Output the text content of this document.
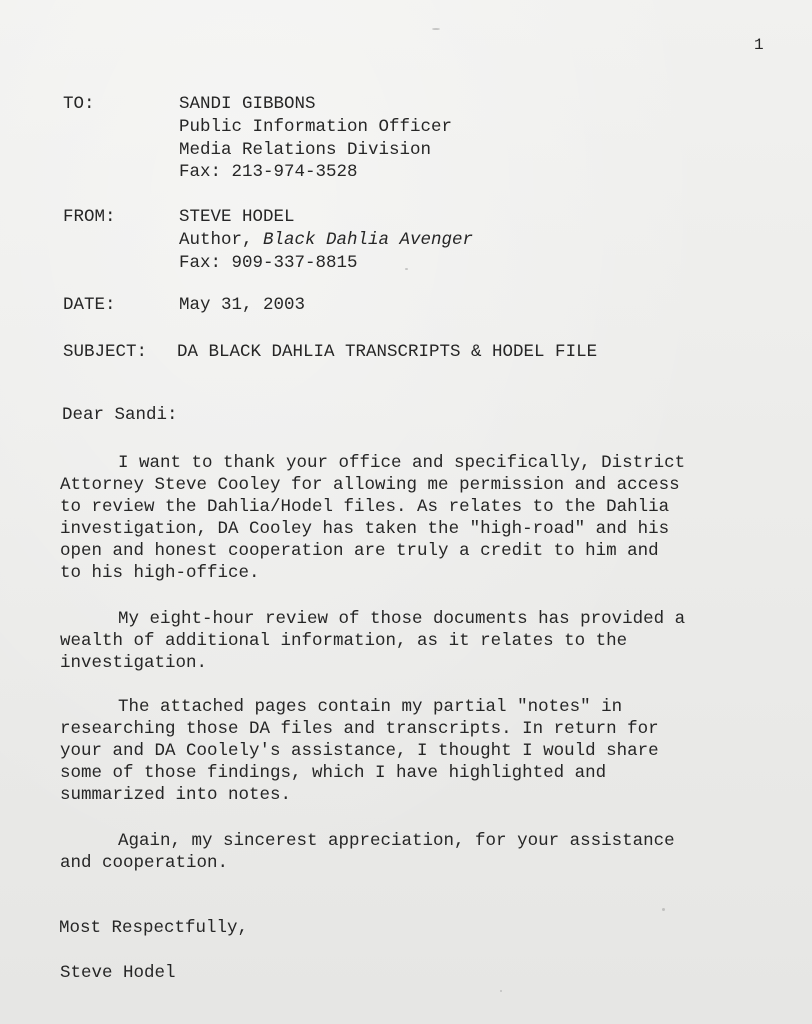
1
TO:	SANDI GIBBONS
Public Information Officer
Media Relations Division
Fax: 213-974-3528
FROM:	STEVE HODEL
Author, Black Dahlia Avenger
Fax: 909-337-8815
DATE:	May 31, 2003
SUBJECT: DA BLACK DAHLIA TRANSCRIPTS & HODEL FILE
Dear Sandi:
I want to thank your office and specifically, District
Attorney Steve Cooley for allowing me permission and access
to review the Dahlia/Hodel files. As relates to the Dahlia
investigation, DA Cooley has taken the "high-road" and his
open and honest cooperation are truly a credit to him and
to his high-office.
My eight-hour review of those documents has provided a
wealth of additional information, as it relates to the
investigation.
The attached pages contain my partial "notes" in
researching those DA files and transcripts. In return for
your and DA Coolely's assistance, I thought I would share
some of those findings, which I have highlighted and
summarized into notes.
Again, my sincerest appreciation, for your assistance
and cooperation.
Most Respectfully,
Steve Hodel
